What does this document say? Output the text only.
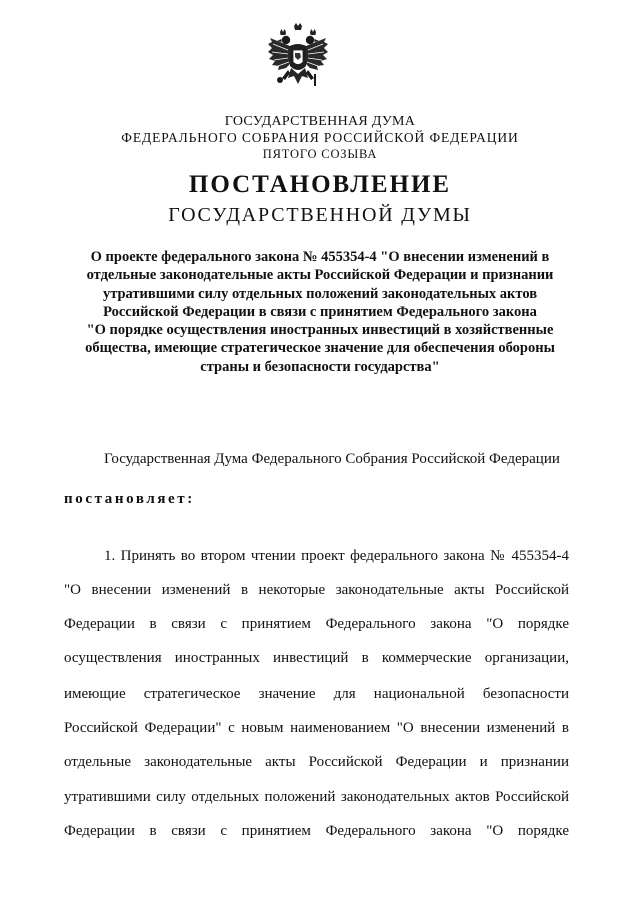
ГОСУДАРСТВЕННАЯ ДУМА
ФЕДЕРАЛЬНОГО СОБРАНИЯ РОССИЙСКОЙ ФЕДЕРАЦИИ
ПЯТОГО СОЗЫВА
ПОСТАНОВЛЕНИЕ
ГОСУДАРСТВЕННОЙ ДУМЫ
О проекте федерального закона № 455354-4 "О внесении изменений в
отдельные законодательные акты Российской Федерации и признании
утратившими силу отдельных положений законодательных актов
Российской Федерации в связи с принятием Федерального закона
"О порядке осуществления иностранных инвестиций в хозяйственные
общества, имеющие стратегическое значение для обеспечения обороны
страны и безопасности государства"
Государственная Дума Федерального Собрания Российской Федерации
постановляет:
1. Принять во втором чтении проект федерального закона № 455354-4
"О внесении изменений в некоторые законодательные акты Российской
Федерации в связи с принятием Федерального закона "О порядке
осуществления иностранных инвестиций в коммерческие организации,
имеющие стратегическое значение для национальной безопасности
Российской Федерации" с новым наименованием "О внесении изменений в
отдельные законодательные акты Российской Федерации и признании
утратившими силу отдельных положений законодательных актов Российской
Федерации в связи с принятием Федерального закона "О порядке
